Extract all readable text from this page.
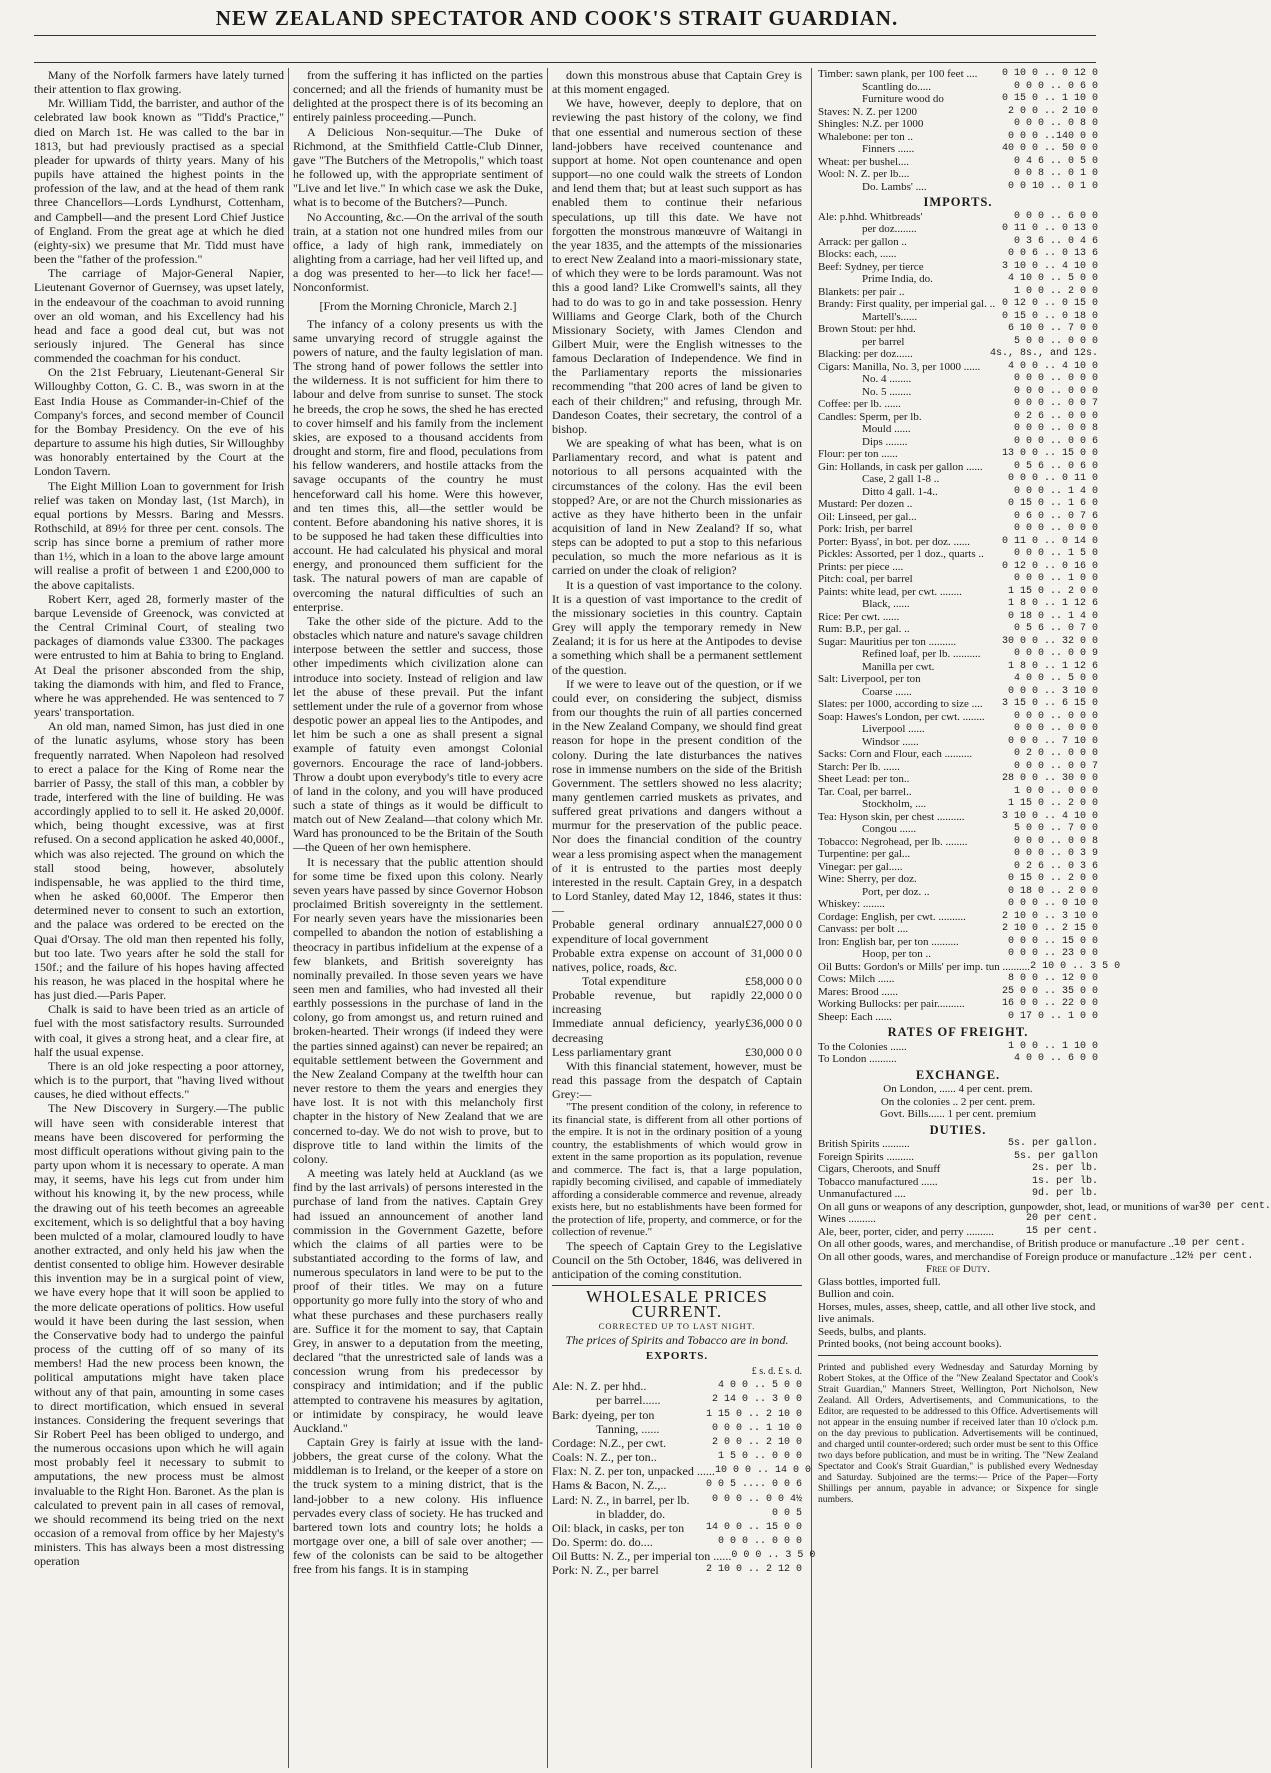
NEW ZEALAND SPECTATOR AND COOK'S STRAIT GUARDIAN.

Many of the Norfolk farmers have lately turned their attention to flax growing.

Mr. William Tidd, the barrister, and author of the celebrated law book known as "Tidd's Practice," died on March 1st. He was called to the bar in 1813, but had previously practised as a special pleader for upwards of thirty years. Many of his pupils have attained the highest points in the profession of the law, and at the head of them rank three Chancellors—Lords Lyndhurst, Cottenham, and Campbell—and the present Lord Chief Justice of England. From the great age at which he died (eighty-six) we presume that Mr. Tidd must have been the "father of the profession."

The carriage of Major-General Napier, Lieutenant Governor of Guernsey, was upset lately, in the endeavour of the coachman to avoid running over an old woman, and his Excellency had his head and face a good deal cut, but was not seriously injured. The General has since commended the coachman for his conduct.

On the 21st February, Lieutenant-General Sir Willoughby Cotton, G. C. B., was sworn in at the East India House as Commander-in-Chief of the Company's forces, and second member of Council for the Bombay Presidency. On the eve of his departure to assume his high duties, Sir Willoughby was honorably entertained by the Court at the London Tavern.

The Eight Million Loan to government for Irish relief was taken on Monday last, (1st March), in equal portions by Messrs. Baring and Messrs. Rothschild, at 89½ for three per cent. consols. The scrip has since borne a premium of rather more than 1½, which in a loan to the above large amount will realise a profit of between 1 and £200,000 to the above capitalists.

Robert Kerr, aged 28, formerly master of the barque Levenside of Greenock, was convicted at the Central Criminal Court, of stealing two packages of diamonds value £3300. The packages were entrusted to him at Bahia to bring to England. At Deal the prisoner absconded from the ship, taking the diamonds with him, and fled to France, where he was apprehended. He was sentenced to 7 years' transportation.

An old man, named Simon, has just died in one of the lunatic asylums, whose story has been frequently narrated. When Napoleon had resolved to erect a palace for the King of Rome near the barrier of Passy, the stall of this man, a cobbler by trade, interfered with the line of building. He was accordingly applied to to sell it. He asked 20,000f. which, being thought excessive, was at first refused. On a second application he asked 40,000f., which was also rejected. The ground on which the stall stood being, however, absolutely indispensable, he was applied to the third time, when he asked 60,000f. The Emperor then determined never to consent to such an extortion, and the palace was ordered to be erected on the Quai d'Orsay. The old man then repented his folly, but too late. Two years after he sold the stall for 150f.; and the failure of his hopes having affected his reason, he was placed in the hospital where he has just died.—Paris Paper.

Chalk is said to have been tried as an article of fuel with the most satisfactory results. Surrounded with coal, it gives a strong heat, and a clear fire, at half the usual expense.

There is an old joke respecting a poor attorney, which is to the purport, that "having lived without causes, he died without effects."

The New Discovery in Surgery.—The public will have seen with considerable interest that means have been discovered for performing the most difficult operations without giving pain to the party upon whom it is necessary to operate. A man may, it seems, have his legs cut from under him without his knowing it, by the new process, while the drawing out of his teeth becomes an agreeable excitement, which is so delightful that a boy having been mulcted of a molar, clamoured loudly to have another extracted, and only held his jaw when the dentist consented to oblige him. However desirable this invention may be in a surgical point of view, we have every hope that it will soon be applied to the more delicate operations of politics. How useful would it have been during the last session, when the Conservative body had to undergo the painful process of the cutting off of so many of its members! Had the new process been known, the political amputations might have taken place without any of that pain, amounting in some cases to direct mortification, which ensued in several instances. Considering the frequent severings that Sir Robert Peel has been obliged to undergo, and the numerous occasions upon which he will again most probably feel it necessary to submit to amputations, the new process must be almost invaluable to the Right Hon. Baronet. As the plan is calculated to prevent pain in all cases of removal, we should recommend its being tried on the next occasion of a removal from office by her Majesty's ministers. This has always been a most distressing operation

from the suffering it has inflicted on the parties concerned; and all the friends of humanity must be delighted at the prospect there is of its becoming an entirely painless proceeding.—Punch.

A Delicious Non-sequitur.—The Duke of Richmond, at the Smithfield Cattle-Club Dinner, gave "The Butchers of the Metropolis," which toast he followed up, with the appropriate sentiment of "Live and let live." In which case we ask the Duke, what is to become of the Butchers?—Punch.

No Accounting, &c.—On the arrival of the south train, at a station not one hundred miles from our office, a lady of high rank, immediately on alighting from a carriage, had her veil lifted up, and a dog was presented to her—to lick her face!—Nonconformist.

[From the Morning Chronicle, March 2.]

The infancy of a colony presents us with the same unvarying record of struggle against the powers of nature, and the faulty legislation of man. The strong hand of power follows the settler into the wilderness. It is not sufficient for him there to labour and delve from sunrise to sunset. The stock he breeds, the crop he sows, the shed he has erected to cover himself and his family from the inclement skies, are exposed to a thousand accidents from drought and storm, fire and flood, peculations from his fellow wanderers, and hostile attacks from the savage occupants of the country he must henceforward call his home. Were this however, and ten times this, all—the settler would be content. Before abandoning his native shores, it is to be supposed he had taken these difficulties into account. He had calculated his physical and moral energy, and pronounced them sufficient for the task. The natural powers of man are capable of overcoming the natural difficulties of such an enterprise.

Take the other side of the picture. Add to the obstacles which nature and nature's savage children interpose between the settler and success, those other impediments which civilization alone can introduce into society. Instead of religion and law let the abuse of these prevail. Put the infant settlement under the rule of a governor from whose despotic power an appeal lies to the Antipodes, and let him be such a one as shall present a signal example of fatuity even amongst Colonial governors. Encourage the race of land-jobbers. Throw a doubt upon everybody's title to every acre of land in the colony, and you will have produced such a state of things as it would be difficult to match out of New Zealand—that colony which Mr. Ward has pronounced to be the Britain of the South—the Queen of her own hemisphere.

It is necessary that the public attention should for some time be fixed upon this colony. Nearly seven years have passed by since Governor Hobson proclaimed British sovereignty in the settlement. For nearly seven years have the missionaries been compelled to abandon the notion of establishing a theocracy in partibus infidelium at the expense of a few blankets, and British sovereignty has nominally prevailed. In those seven years we have seen men and families, who had invested all their earthly possessions in the purchase of land in the colony, go from amongst us, and return ruined and broken-hearted. Their wrongs (if indeed they were the parties sinned against) can never be repaired; an equitable settlement between the Government and the New Zealand Company at the twelfth hour can never restore to them the years and energies they have lost. It is not with this melancholy first chapter in the history of New Zealand that we are concerned to-day. We do not wish to prove, but to disprove title to land within the limits of the colony.

A meeting was lately held at Auckland (as we find by the last arrivals) of persons interested in the purchase of land from the natives. Captain Grey had issued an announcement of another land commission in the Government Gazette, before which the claims of all parties were to be substantiated according to the forms of law, and numerous speculators in land were to be put to the proof of their titles. We may on a future opportunity go more fully into the story of who and what these purchases and these purchasers really are. Suffice it for the moment to say, that Captain Grey, in answer to a deputation from the meeting, declared "that the unrestricted sale of lands was a concession wrung from his predecessor by conspiracy and intimidation; and if the public attempted to contravene his measures by agitation, or intimidate by conspiracy, he would leave Auckland."

Captain Grey is fairly at issue with the land-jobbers, the great curse of the colony. What the middleman is to Ireland, or the keeper of a store on the truck system to a mining district, that is the land-jobber to a new colony. His influence pervades every class of society. He has trucked and bartered town lots and country lots; he holds a mortgage over one, a bill of sale over another; —few of the colonists can be said to be altogether free from his fangs. It is in stamping

down this monstrous abuse that Captain Grey is at this moment engaged.

We have, however, deeply to deplore, that on reviewing the past history of the colony, we find that one essential and numerous section of these land-jobbers have received countenance and support at home. Not open countenance and open support—no one could walk the streets of London and lend them that; but at least such support as has enabled them to continue their nefarious speculations, up till this date. We have not forgotten the monstrous manœuvre of Waitangi in the year 1835, and the attempts of the missionaries to erect New Zealand into a maori-missionary state, of which they were to be lords paramount. Was not this a good land? Like Cromwell's saints, all they had to do was to go in and take possession. Henry Williams and George Clark, both of the Church Missionary Society, with James Clendon and Gilbert Muir, were the English witnesses to the famous Declaration of Independence. We find in the Parliamentary reports the missionaries recommending "that 200 acres of land be given to each of their children;" and refusing, through Mr. Dandeson Coates, their secretary, the control of a bishop.

We are speaking of what has been, what is on Parliamentary record, and what is patent and notorious to all persons acquainted with the circumstances of the colony. Has the evil been stopped? Are, or are not the Church missionaries as active as they have hitherto been in the unfair acquisition of land in New Zealand? If so, what steps can be adopted to put a stop to this nefarious peculation, so much the more nefarious as it is carried on under the cloak of religion?

It is a question of vast importance to the colony. It is a question of vast importance to the credit of the missionary societies in this country. Captain Grey will apply the temporary remedy in New Zealand; it is for us here at the Antipodes to devise a something which shall be a permanent settlement of the question.

If we were to leave out of the question, or if we could ever, on considering the subject, dismiss from our thoughts the ruin of all parties concerned in the New Zealand Company, we should find great reason for hope in the present condition of the colony. During the late disturbances the natives rose in immense numbers on the side of the British Government. The settlers showed no less alacrity; many gentlemen carried muskets as privates, and suffered great privations and dangers without a murmur for the preservation of the public peace. Nor does the financial condition of the country wear a less promising aspect when the management of it is entrusted to the parties most deeply interested in the result. Captain Grey, in a despatch to Lord Stanley, dated May 12, 1846, states it thus:—

Probable general ordinary annual expenditure of local government	£27,000 0 0
Probable extra expense on account of natives, police, roads, &c.	31,000 0 0
Total expenditure	£58,000 0 0
Probable revenue, but rapidly increasing	22,000 0 0
Immediate annual deficiency, yearly decreasing	£36,000 0 0
Less parliamentary grant	£30,000 0 0

With this financial statement, however, must be read this passage from the despatch of Captain Grey:—

"The present condition of the colony, in reference to its financial state, is different from all other portions of the empire. It is not in the ordinary position of a young country, the establishments of which would grow in extent in the same proportion as its population, revenue and commerce. The fact is, that a large population, rapidly becoming civilised, and capable of immediately affording a considerable commerce and revenue, already exists here, but no establishments have been formed for the protection of life, property, and commerce, or for the collection of revenue."

The speech of Captain Grey to the Legislative Council on the 5th October, 1846, was delivered in anticipation of the coming constitution.

WHOLESALE PRICES CURRENT.
CORRECTED UP TO LAST NIGHT.
The prices of Spirits and Tobacco are in bond.
EXPORTS.
£ s. d. £ s. d.
Ale: N. Z. per hhd..	4 0 0 .. 5 0 0
per barrel......	2 14 0 .. 3 0 0
Bark: dyeing, per ton	1 15 0 .. 2 10 0
Tanning, ......	0 0 0 .. 1 10 0
Cordage: N.Z., per cwt.	2 0 0 .. 2 10 0
Coals: N. Z., per ton..	1 5 0 .. 0 0 0
Flax: N. Z. per ton, unpacked ...... 10 0 0 .. 14 0 0
Hams & Bacon, N. Z.,..	0 0 5 .... 0 0 6
Lard: N. Z., in barrel, per lb. 0 0 0 .. 0 0 4½
in bladder, do.	0 0 5
Oil: black, in casks, per ton 14 0 0 .. 15 0 0
Do. Sperm: do. do....	0 0 0 .. 0 0 0
Oil Butts: N. Z., per imperial ton ...... 0 0 0 .. 3 5 0
Pork: N. Z., per barrel	2 10 0 .. 2 12 0
Timber: sawn plank, per 100 feet .... 0 10 0 .. 0 12 0
Scantling do.....	0 0 0 .. 0 6 0
Furniture wood do	0 15 0 .. 1 10 0
Staves: N. Z. per 1200	2 0 0 .. 2 10 0
Shingles: N.Z. per 1000	0 0 0 .. 0 8 0
Whalebone: per ton ..	0 0 0 ..140 0 0
Finners ......	40 0 0 .. 50 0 0
Wheat: per bushel....	0 4 6 .. 0 5 0
Wool: N. Z. per lb....	0 0 8 .. 0 1 0
Do. Lambs' ....	0 0 10 .. 0 1 0
IMPORTS.
Ale: p.hhd. Whitbreads'	0 0 0 .. 6 0 0
per doz........	0 11 0 .. 0 13 0
Arrack: per gallon ..	0 3 6 .. 0 4 6
Blocks: each, ......	0 0 6 .. 0 13 6
Beef: Sydney, per tierce	3 10 0 .. 4 10 0
Prime India, do.	4 10 0 .. 5 0 0
Blankets: per pair ..	1 0 0 .. 2 0 0
Brandy: First quality, per imperial gal. .. 0 12 0 .. 0 15 0
Martell's......	0 15 0 .. 0 18 0
Brown Stout: per hhd.	6 10 0 .. 7 0 0
per barrel	5 0 0 .. 0 0 0
Blacking: per doz......	4s., 8s., and 12s.
Cigars: Manilla, No. 3, per 1000 ......	4 0 0 .. 4 10 0
No. 4 ........	0 0 0 .. 0 0 0
No. 5 ........	0 0 0 .. 0 0 0
Coffee: per lb. ......	0 0 0 .. 0 0 7
Candles: Sperm, per lb.	0 2 6 .. 0 0 0
Mould ......	0 0 0 .. 0 0 8
Dips ........	0 0 0 .. 0 0 6
Flour: per ton ......	13 0 0 .. 15 0 0
Gin: Hollands, in cask per gallon ......	0 5 6 .. 0 6 0
Case, 2 gall 1-8 ..	0 0 0 .. 0 11 0
Ditto 4 gall. 1-4..	0 0 0 .. 1 4 0
Mustard: Per dozen ..	0 15 0 .. 1 6 0
Oil: Linseed, per gal...	0 6 0 .. 0 7 6
Pork: Irish, per barrel	0 0 0 .. 0 0 0
Porter: Byass', in bot. per doz. ......	0 11 0 .. 0 14 0
Pickles: Assorted, per 1 doz., quarts ..	0 0 0 .. 1 5 0
Prints: per piece ....	0 12 0 .. 0 16 0
Pitch: coal, per barrel	0 0 0 .. 1 0 0
Paints: white lead, per cwt. ........	1 15 0 .. 2 0 0
Black, ......	1 8 0 .. 1 12 6
Rice: Per cwt. ......	0 18 0 .. 1 4 0
Rum: B.P., per gal. ..	0 5 6 .. 0 7 0
Sugar: Mauritius per ton ..........	30 0 0 .. 32 0 0
Refined loaf, per lb. ..........	0 0 0 .. 0 0 9
Manilla per cwt.	1 8 0 .. 1 12 6
Salt: Liverpool, per ton	4 0 0 .. 5 0 0
Coarse ......	0 0 0 .. 3 10 0
Slates: per 1000, according to size .... 3 15 0 .. 6 15 0
Soap: Hawes's London, per cwt. ........	0 0 0 .. 0 0 0
Liverpool ......	0 0 0 .. 0 0 0
Windsor ......	0 0 0 .. 7 10 0
Sacks: Corn and Flour, each ..........	0 2 0 .. 0 0 0
Starch: Per lb. ......	0 0 0 .. 0 0 7
Sheet Lead: per ton..	28 0 0 .. 30 0 0
Tar. Coal, per barrel..	1 0 0 .. 0 0 0
Stockholm, ....	1 15 0 .. 2 0 0
Tea: Hyson skin, per chest ..........	3 10 0 .. 4 10 0
Congou ......	5 0 0 .. 7 0 0
Tobacco: Negrohead, per lb. ........	0 0 0 .. 0 0 8
Turpentine: per gal...	0 0 0 .. 0 3 9
Vinegar: per gal.....	0 2 6 .. 0 3 6
Wine: Sherry, per doz.	0 15 0 .. 2 0 0
Port, per doz. ..	0 18 0 .. 2 0 0
Whiskey: ........	0 0 0 .. 0 10 0
Cordage: English, per cwt. ..........	2 10 0 .. 3 10 0
Canvass: per bolt ....	2 10 0 .. 2 15 0
Iron: English bar, per ton ..........	0 0 0 .. 15 0 0
Hoop, per ton ..	0 0 0 .. 23 0 0
Oil Butts: Gordon's or Mills' per imp. tun .......... 2 10 0 .. 3 5 0
Cows: Milch ......	8 0 0 .. 12 0 0
Mares: Brood ......	25 0 0 .. 35 0 0
Working Bullocks: per pair..........	16 0 0 .. 22 0 0
Sheep: Each ......	0 17 0 .. 1 0 0
RATES OF FREIGHT.
To the Colonies ......	1 0 0 .. 1 10 0
To London ..........	4 0 0 .. 6 0 0
EXCHANGE.
On London, ...... 4 per cent. prem.
On the colonies .. 2 per cent. prem.
Govt. Bills...... 1 per cent. premium
DUTIES.
British Spirits ..........	5s. per gallon.
Foreign Spirits ..........	5s. per gallon
Cigars, Cheroots, and Snuff	2s. per lb.
Tobacco manufactured ......	1s. per lb.
Unmanufactured ....	9d. per lb.
On all guns or weapons of any description, gunpowder, shot, lead, or munitions of war 30 per cent.
Wines ..........	20 per cent.
Ale, beer, porter, cider, and perry ..........	15 per cent.
On all other goods, wares, and merchandise, of British produce or manufacture .. 10 per cent.
On all other goods, wares, and merchandise of Foreign produce or manufacture .. 12½ per cent.
Free of Duty.
Glass bottles, imported full.
Bullion and coin.
Horses, mules, asses, sheep, cattle, and all other live stock, and live animals.
Seeds, bulbs, and plants.
Printed books, (not being account books).
Printed and published every Wednesday and Saturday Morning by Robert Stokes, at the Office of the "New Zealand Spectator and Cook's Strait Guardian," Manners Street, Wellington, Port Nicholson, New Zealand. All Orders, Advertisements, and Communications, to the Editor, are requested to be addressed to this Office. Advertisements will not appear in the ensuing number if received later than 10 o'clock p.m. on the day previous to publication. Advertisements will be continued, and charged until counter-ordered; such order must be sent to this Office two days before publication, and must be in writing. The "New Zealand Spectator and Cook's Strait Guardian," is published every Wednesday and Saturday. Subjoined are the terms:— Price of the Paper—Forty Shillings per annum, payable in advance; or Sixpence for single numbers.
